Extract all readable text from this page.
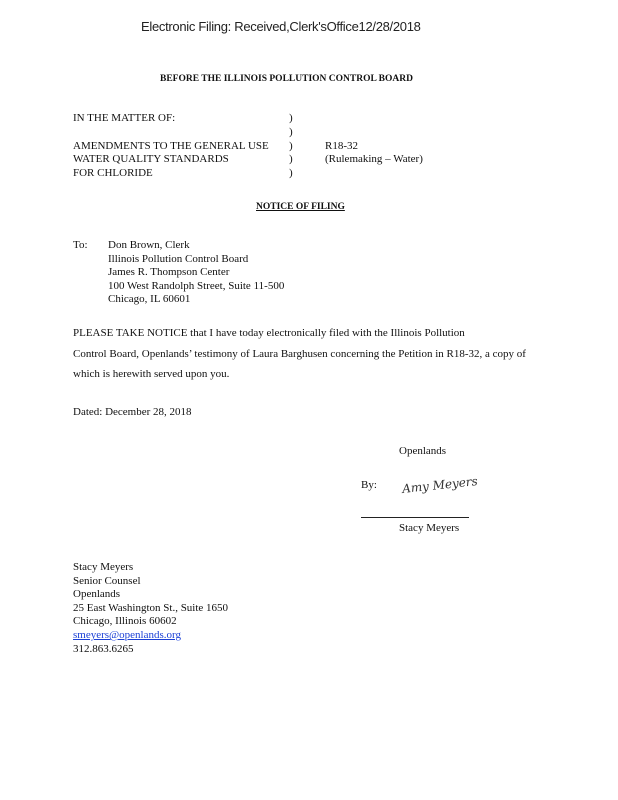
Electronic Filing: Received,Clerk'sOffice12/28/2018
BEFORE THE ILLINOIS POLLUTION CONTROL BOARD
IN THE MATTER OF:
AMENDMENTS TO THE GENERAL USE
WATER QUALITY STANDARDS
FOR CHLORIDE
)
)
)
)
)
R18-32
(Rulemaking – Water)
NOTICE OF FILING
To: Don Brown, Clerk
Illinois Pollution Control Board
James R. Thompson Center
100 West Randolph Street, Suite 11-500
Chicago, IL 60601
PLEASE TAKE NOTICE that I have today electronically filed with the Illinois Pollution
Control Board, Openlands’ testimony of Laura Barghusen concerning the Petition in R18-32, a copy of
which is herewith served upon you.
Dated: December 28, 2018
Openlands
By: Amy Meyers
Stacy Meyers
Stacy Meyers
Senior Counsel
Openlands
25 East Washington St., Suite 1650
Chicago, Illinois 60602
smeyers@openlands.org
312.863.6265
